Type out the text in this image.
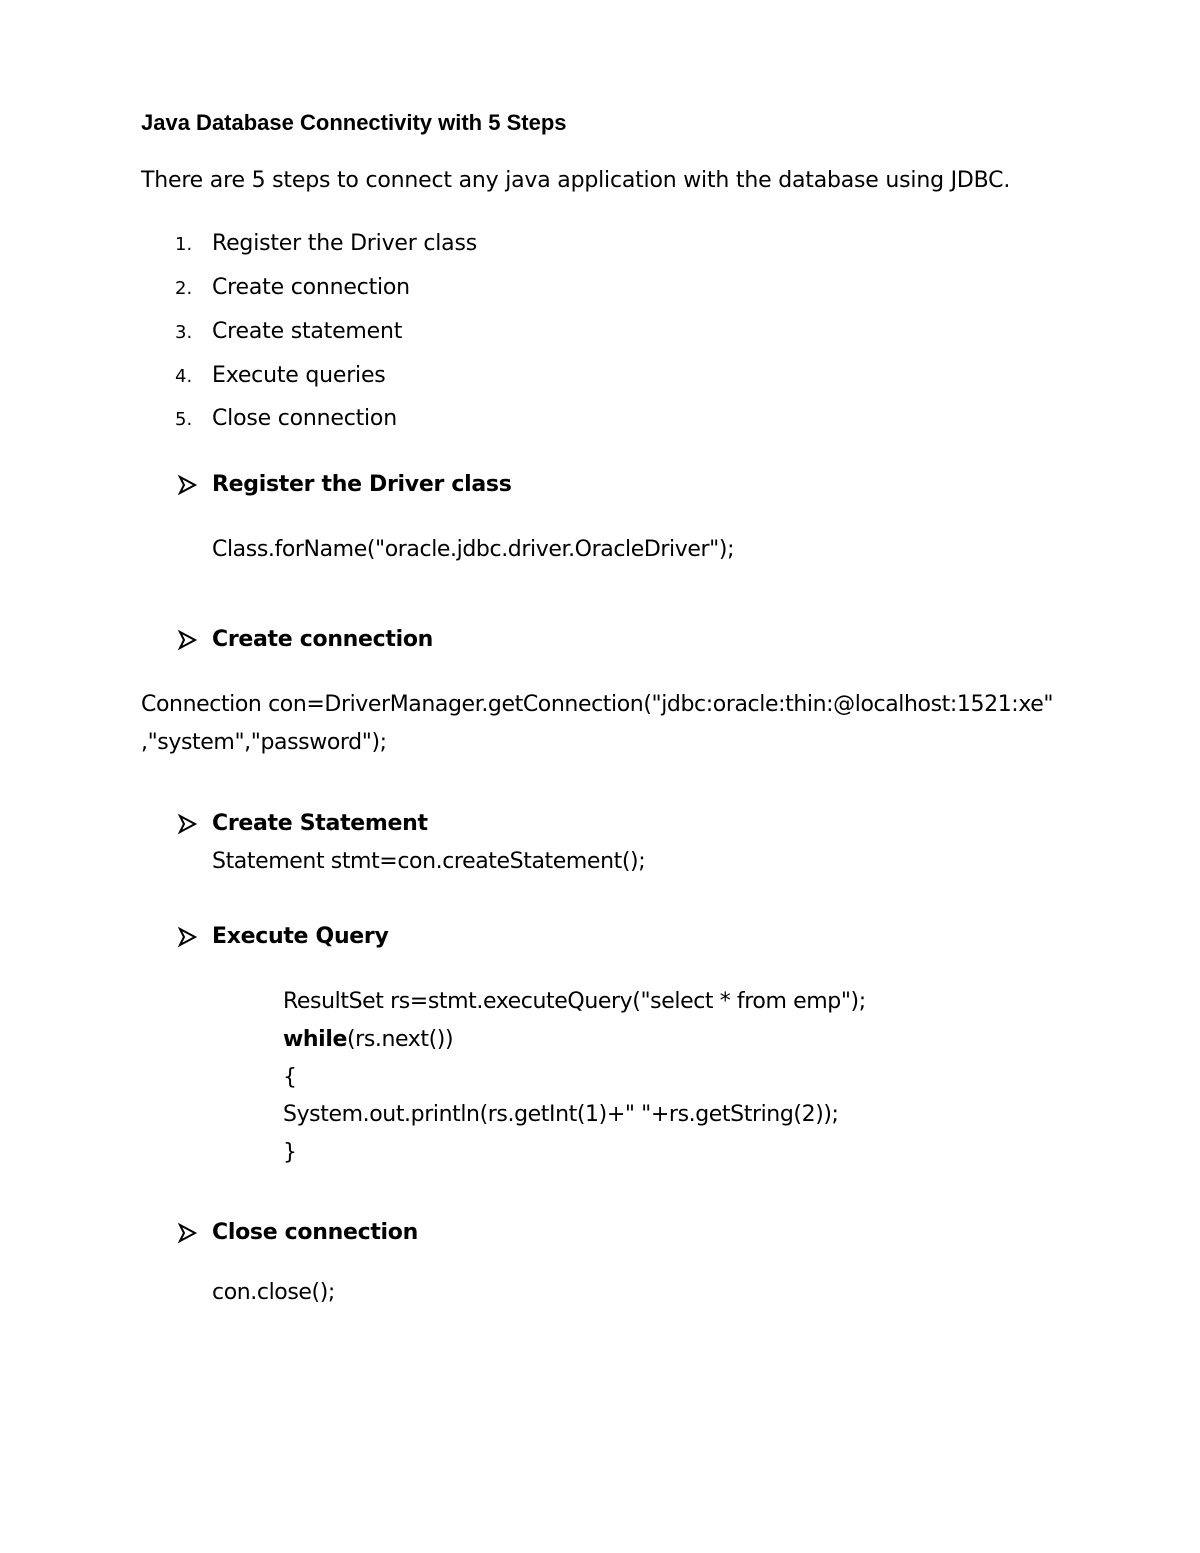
Java Database Connectivity with 5 Steps
There are 5 steps to connect any java application with the database using JDBC.
1. Register the Driver class
2. Create connection
3. Create statement
4. Execute queries
5. Close connection
Register the Driver class
Class.forName("oracle.jdbc.driver.OracleDriver");
Create connection
Connection con=DriverManager.getConnection("jdbc:oracle:thin:@localhost:1521:xe"
,"system","password");
Create Statement
Statement stmt=con.createStatement();
Execute Query
ResultSet rs=stmt.executeQuery("select * from emp");
while(rs.next())
{
System.out.println(rs.getInt(1)+" "+rs.getString(2));
}
Close connection
con.close();
